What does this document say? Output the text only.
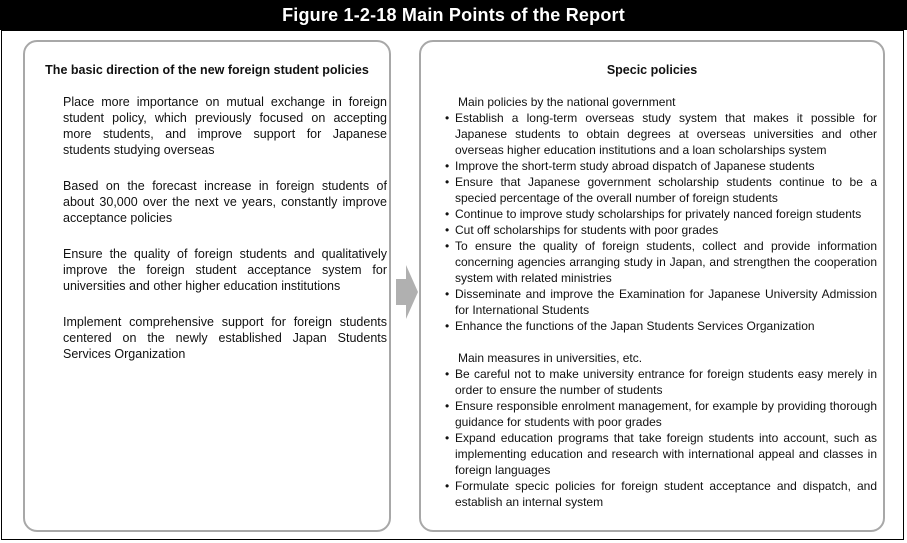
Figure 1-2-18 Main Points of the Report
The basic direction of the new foreign student policies

Place more importance on mutual exchange in foreign student policy, which previously focused on accepting more students, and improve support for Japanese students studying overseas

Based on the forecast increase in foreign students of about 30,000 over the next ve years, constantly improve acceptance policies

Ensure the quality of foreign students and qualitatively improve the foreign student acceptance system for universities and other higher education institutions

Implement comprehensive support for foreign students centered on the newly established Japan Students Services Organization

Specic policies
Main policies by the national government
• Establish a long-term overseas study system that makes it possible for Japanese students to obtain degrees at overseas universities and other overseas higher education institutions and a loan scholarships system
• Improve the short-term study abroad dispatch of Japanese students
• Ensure that Japanese government scholarship students continue to be a specied percentage of the overall number of foreign students
• Continue to improve study scholarships for privately nanced foreign students
• Cut off scholarships for students with poor grades
• To ensure the quality of foreign students, collect and provide information concerning agencies arranging study in Japan, and strengthen the cooperation system with related ministries
• Disseminate and improve the Examination for Japanese University Admission for International Students
• Enhance the functions of the Japan Students Services Organization
Main measures in universities, etc.
• Be careful not to make university entrance for foreign students easy merely in order to ensure the number of students
• Ensure responsible enrolment management, for example by providing thorough guidance for students with poor grades
• Expand education programs that take foreign students into account, such as implementing education and research with international appeal and classes in foreign languages
• Formulate specic policies for foreign student acceptance and dispatch, and establish an internal system
